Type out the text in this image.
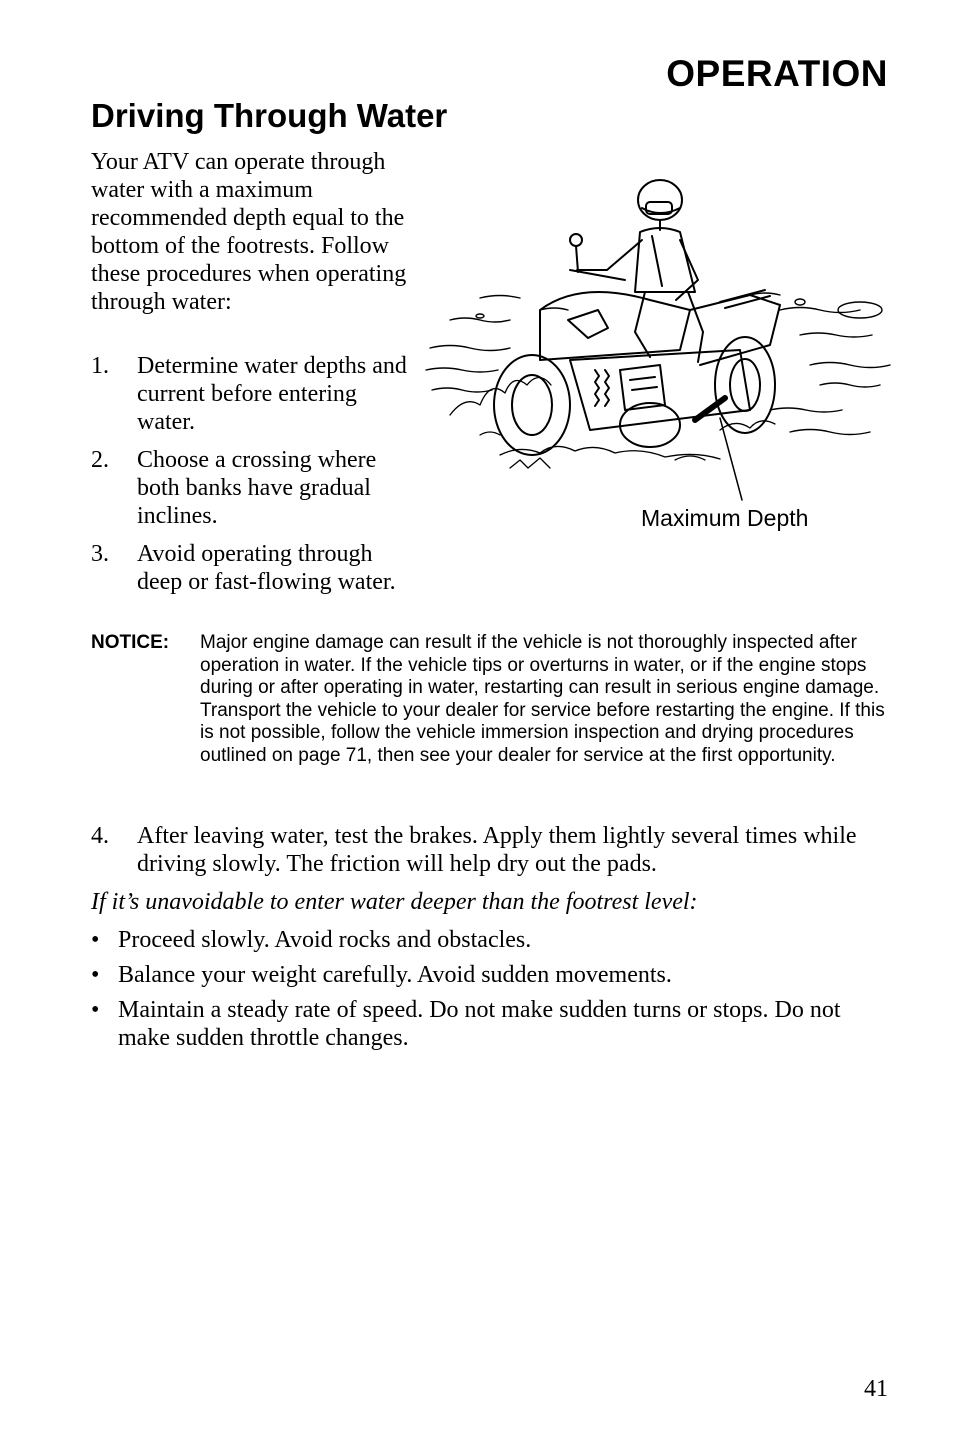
OPERATION
Driving Through Water

Your ATV can operate through water with a maximum recommended depth equal to the bottom of the footrests. Follow these procedures when operating through water:

1. Determine water depths and current before entering water.
2. Choose a crossing where both banks have gradual inclines.
3. Avoid operating through deep or fast-flowing water.
Maximum Depth
NOTICE: Major engine damage can result if the vehicle is not thoroughly inspected after operation in water. If the vehicle tips or overturns in water, or if the engine stops during or after operating in water, restarting can result in serious engine damage. Transport the vehicle to your dealer for service before restarting the engine. If this is not possible, follow the vehicle immersion inspection and drying procedures outlined on page 71, then see your dealer for service at the first opportunity.
4. After leaving water, test the brakes. Apply them lightly several times while driving slowly. The friction will help dry out the pads.

If it’s unavoidable to enter water deeper than the footrest level:

• Proceed slowly. Avoid rocks and obstacles.
• Balance your weight carefully. Avoid sudden movements.
• Maintain a steady rate of speed. Do not make sudden turns or stops. Do not make sudden throttle changes.
41
